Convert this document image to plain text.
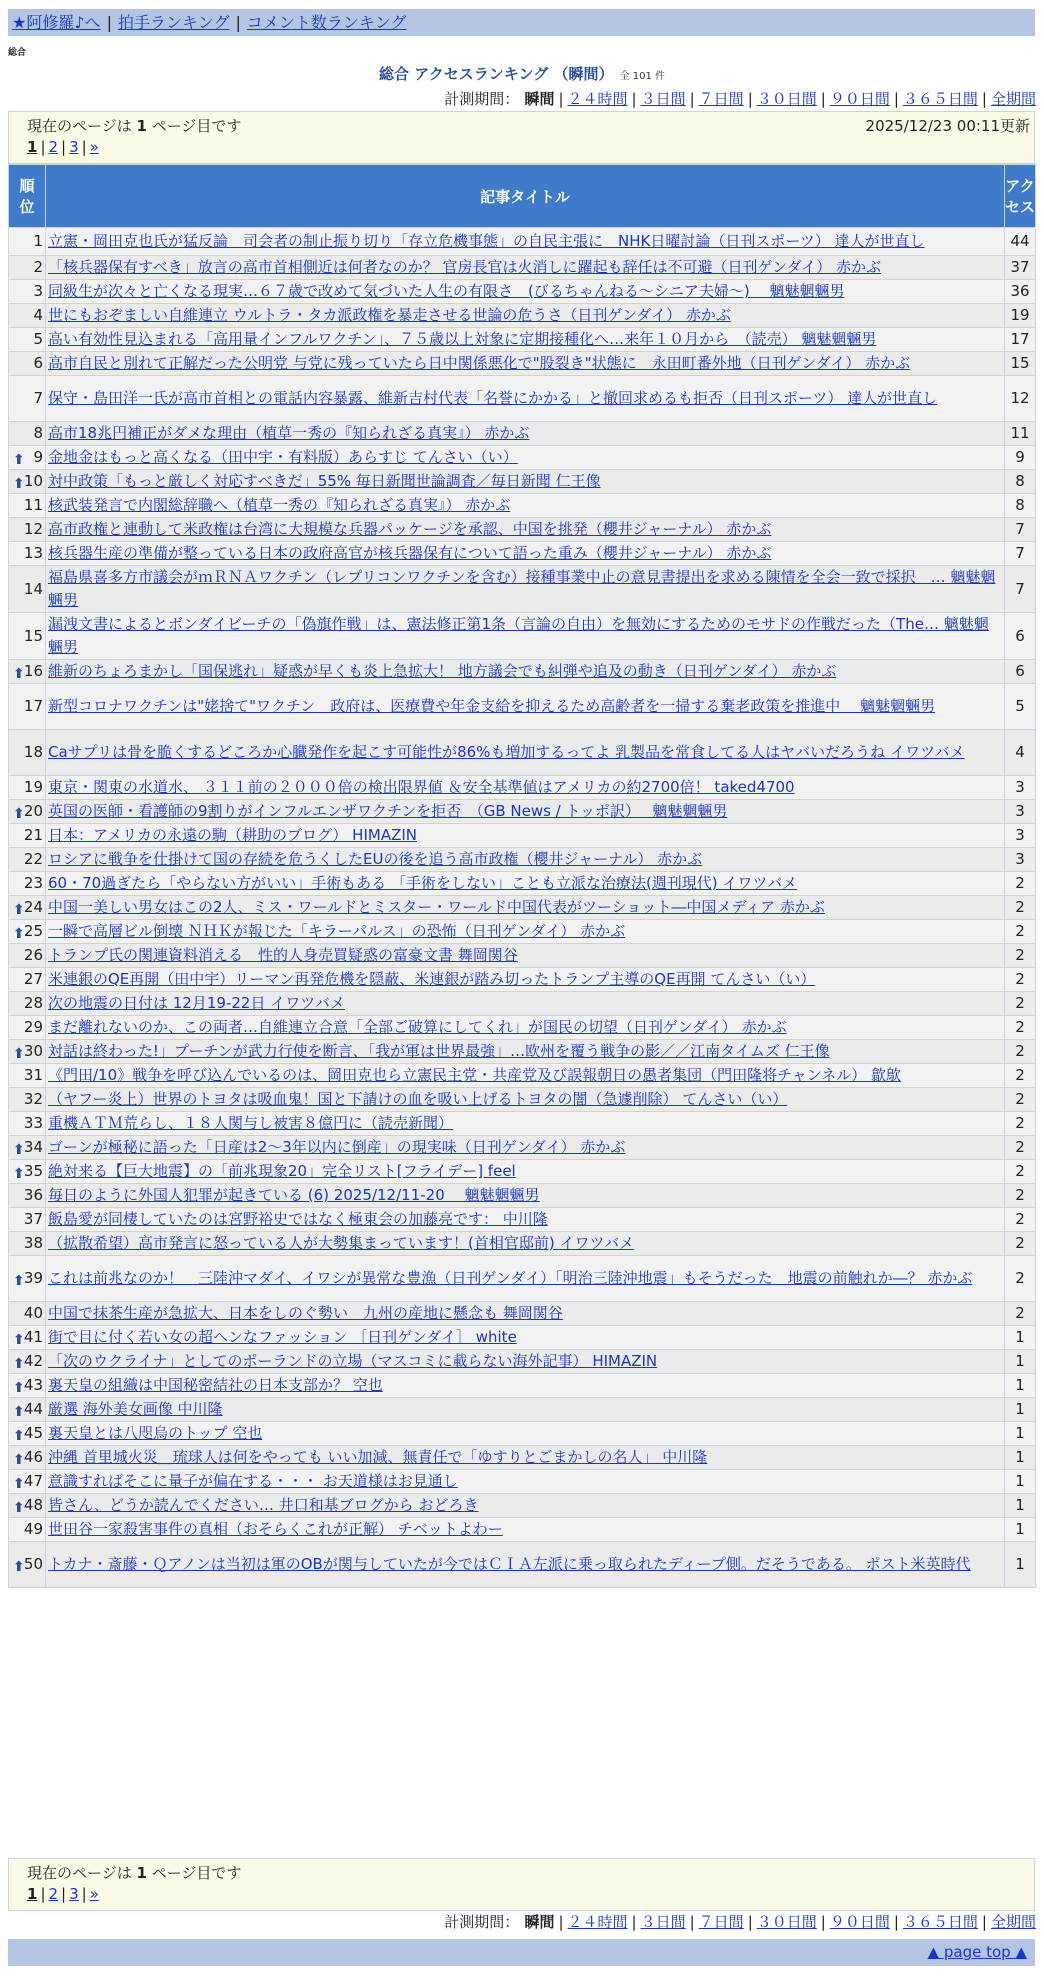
★阿修羅♪へ | 拍手ランキング | コメント数ランキング
総合
総合 アクセスランキング （瞬間） 全 101 件
計測期間： 瞬間 | ２４時間 | ３日間 | ７日間 | ３０日間 | ９０日間 | ３６５日間 | 全期間
現在のページは 1 ページ目です	2025/12/23 00:11更新
1 | 2 | 3 | »
順
位	記事タイトル	アク
セス
1	立憲・岡田克也氏が猛反論　司会者の制止振り切り「存立危機事態」の自民主張に　NHK日曜討論（日刊スポーツ） 達人が世直し	44
2	「核兵器保有すべき」放言の高市首相側近は何者なのか？ 官房長官は火消しに躍起も辞任は不可避（日刊ゲンダイ） 赤かぶ	37
3	同級生が次々と亡くなる現実…６７歳で改めて気づいた人生の有限さ　(びるちゃんねる～シニア夫婦～)　 魑魅魍魎男	36
4	世にもおぞましい自維連立 ウルトラ・タカ派政権を暴走させる世論の危うさ（日刊ゲンダイ） 赤かぶ	19
5	高い有効性見込まれる「高用量インフルワクチン」、７５歳以上対象に定期接種化へ…来年１０月から　（読売） 魑魅魍魎男	17
6	高市自民と別れて正解だった公明党 与党に残っていたら日中関係悪化で"股裂き"状態に　永田町番外地（日刊ゲンダイ） 赤かぶ	15
7	保守・島田洋一氏が高市首相との電話内容暴露、維新吉村代表「名誉にかかる」と撤回求めるも拒否（日刊スポーツ） 達人が世直し	12
8	高市18兆円補正がダメな理由（植草一秀の『知られざる真実』） 赤かぶ	11

⬆ 9	金地金はもっと高くなる（田中宇・有料版）あらすじ てんさい（い）	9

⬆ 10	対中政策「もっと厳しく対応すべきだ」55% 毎日新聞世論調査／毎日新聞 仁王像	8
11	核武装発言で内閣総辞職へ（植草一秀の『知られざる真実』） 赤かぶ	8
12	高市政権と連動して米政権は台湾に大規模な兵器パッケージを承認、中国を挑発（櫻井ジャーナル） 赤かぶ	7
13	核兵器生産の準備が整っている日本の政府高官が核兵器保有について語った重み（櫻井ジャーナル） 赤かぶ	7
14	福島県喜多方市議会がｍＲＮＡワクチン（レプリコンワクチンを含む）接種事業中止の意見書提出を求める陳情を全会一致で採択　… 魑魅魍魎男	7
15	漏洩文書によるとボンダイビーチの「偽旗作戦」は、憲法修正第1条（言論の自由）を無効にするためのモサドの作戦だった（The… 魑魅魍魎男	6

⬆ 16	維新のちょろまかし「国保逃れ」疑惑が早くも炎上急拡大！ 地方議会でも糾弾や追及の動き（日刊ゲンダイ） 赤かぶ	6
17	新型コロナワクチンは"姥捨て"ワクチン　政府は、医療費や年金支給を抑えるため高齢者を一掃する棄老政策を推進中　 魑魅魍魎男	5
18	Caサプリは骨を脆くするどころか心臓発作を起こす可能性が86%も増加するってよ 乳製品を常食してる人はヤバいだろうね イワツバメ	4
19	東京・関東の水道水、 ３１１前の２０００倍の検出限界値 ＆安全基準値はアメリカの約2700倍！ taked4700	3

⬆ 20	英国の医師・看護師の9割りがインフルエンザワクチンを拒否　（GB News / トッポ訳）　 魑魅魍魎男	3
21	日本：アメリカの永遠の駒（耕助のブログ） HIMAZIN	3
22	ロシアに戦争を仕掛けて国の存続を危うくしたEUの後を追う高市政権（櫻井ジャーナル） 赤かぶ	3
23	60・70過ぎたら「やらない方がいい」手術もある 「手術をしない」ことも立派な治療法(週刊現代) イワツバメ	2

⬆ 24	中国一美しい男女はこの2人、ミス・ワールドとミスター・ワールド中国代表がツーショット―中国メディア 赤かぶ	2

⬆ 25	一瞬で高層ビル倒壊 ＮＨＫが報じた「キラーパルス」の恐怖（日刊ゲンダイ） 赤かぶ	2
26	トランプ氏の関連資料消える　性的人身売買疑惑の富豪文書 舞岡関谷	2
27	米連銀のQE再開（田中宇）リーマン再発危機を隠蔽、米連銀が踏み切ったトランプ主導のQE再開 てんさい（い）	2
28	次の地震の日付は 12月19-22日 イワツバメ	2
29	まだ離れないのか、この両者…自維連立合意「全部ご破算にしてくれ」が国民の切望（日刊ゲンダイ） 赤かぶ	2

⬆ 30	対話は終わった!」プーチンが武力行使を断言、「我が軍は世界最強」…欧州を覆う戦争の影／／江南タイムズ 仁王像	2
31	《門田/10》戦争を呼び込んでいるのは、岡田克也ら立憲民主党・共産党及び誤報朝日の愚者集団（門田隆将チャンネル） 歙歍	2
32	（ヤフー炎上）世界のトヨタは吸血鬼！国と下請けの血を吸い上げるトヨタの闇（急遽削除） てんさい（い）	2
33	重機ＡＴＭ荒らし、１８人関与し被害８億円に（読売新聞）	2

⬆ 34	ゴーンが極秘に語った「日産は2～3年以内に倒産」の現実味（日刊ゲンダイ） 赤かぶ	2

⬆ 35	絶対来る【巨大地震】の「前兆現象20」完全リスト[フライデー] feel	2
36	毎日のように外国人犯罪が起きている (6) 2025/12/11-20　 魑魅魍魎男	2
37	飯島愛が同棲していたのは宮野裕史ではなく極東会の加藤亮です： 中川隆	2
38	（拡散希望）高市発言に怒っている人が大勢集まっています！(首相官邸前) イワツバメ	2

⬆ 39	これは前兆なのか！　三陸沖マダイ、イワシが異常な豊漁（日刊ゲンダイ）「明治三陸沖地震」もそうだった　地震の前触れか―？ 赤かぶ	2
40	中国で抹茶生産が急拡大、日本をしのぐ勢い　九州の産地に懸念も 舞岡関谷	2

⬆ 41	街で目に付く若い女の超ヘンなファッション ［日刊ゲンダイ］ white	1

⬆ 42	「次のウクライナ」としてのポーランドの立場（マスコミに載らない海外記事） HIMAZIN	1

⬆ 43	裏天皇の組織は中国秘密結社の日本支部か？ 空也	1

⬆ 44	厳選 海外美女画像 中川隆	1

⬆ 45	裏天皇とは八咫烏のトップ 空也	1

⬆ 46	沖縄 首里城火災＿琉球人は何をやっても いい加減、無責任で「ゆすりとごまかしの名人」 中川隆	1

⬆ 47	意識すればそこに量子が偏在する・・・ お天道様はお見通し	1

⬆ 48	皆さん、どうか読んでください… 井口和基ブログから おどろき	1
49	世田谷一家殺害事件の真相（おそらくこれが正解） チベットよわー	1

⬆ 50	トカナ・斎藤・Ｑアノンは当初は軍のOBが関与していたが今ではＣＩＡ左派に乗っ取られたディープ側。だそうである。 ポスト米英時代	1
現在のページは 1 ページ目です
1 | 2 | 3 | »
計測期間： 瞬間 | ２４時間 | ３日間 | ７日間 | ３０日間 | ９０日間 | ３６５日間 | 全期間
▲ page top ▲
